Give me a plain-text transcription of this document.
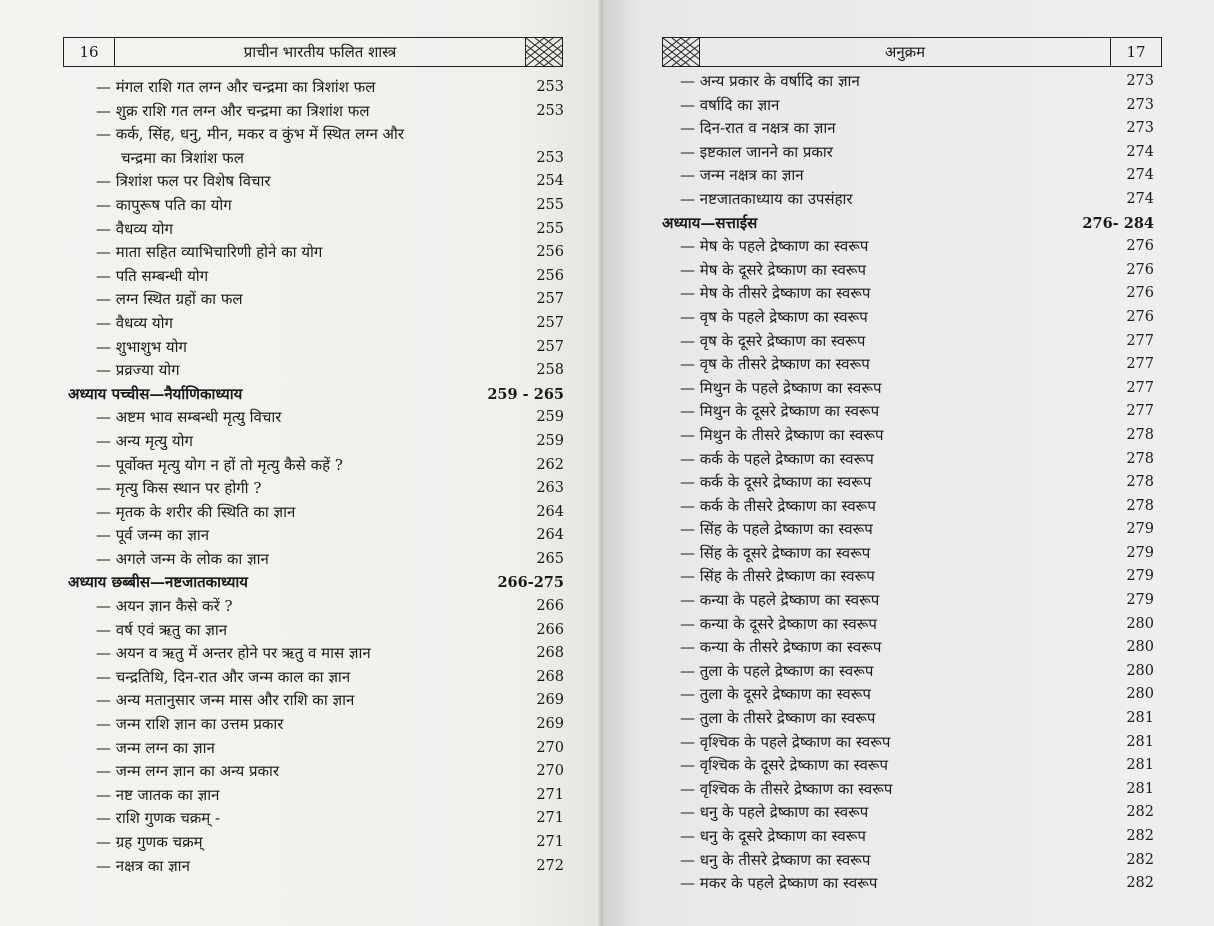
16	प्राचीन भारतीय फलित शास्त्र
— मंगल राशि गत लग्न और चन्द्रमा का त्रिशांश फल	253
— शुक्र राशि गत लग्न और चन्द्रमा का त्रिशांश फल	253
— कर्क, सिंह, धनु, मीन, मकर व कुंभ में स्थित लग्न और
चन्द्रमा का त्रिशांश फल	253
— त्रिशांश फल पर विशेष विचार	254
— कापुरूष पति का योग	255
— वैधव्य योग	255
— माता सहित व्याभिचारिणी होने का योग	256
— पति सम्बन्धी योग	256
— लग्न स्थित ग्रहों का फल	257
— वैधव्य योग	257
— शुभाशुभ योग	257
— प्रव्रज्या योग	258
अध्याय पच्चीस—नैर्याणिकाध्याय	259 - 265
— अष्टम भाव सम्बन्धी मृत्यु विचार	259
— अन्य मृत्यु योग	259
— पूर्वोक्त मृत्यु योग न हों तो मृत्यु कैसे कहें ?	262
— मृत्यु किस स्थान पर होगी ?	263
— मृतक के शरीर की स्थिति का ज्ञान	264
— पूर्व जन्म का ज्ञान	264
— अगले जन्म के लोक का ज्ञान	265
अध्याय छब्बीस—नष्टजातकाध्याय	266-275
— अयन ज्ञान कैसे करें ?	266
— वर्ष एवं ऋतु का ज्ञान	266
— अयन व ऋतु में अन्तर होने पर ऋतु व मास ज्ञान	268
— चन्द्रतिथि, दिन-रात और जन्म काल का ज्ञान	268
— अन्य मतानुसार जन्म मास और राशि का ज्ञान	269
— जन्म राशि ज्ञान का उत्तम प्रकार	269
— जन्म लग्न का ज्ञान	270
— जन्म लग्न ज्ञान का अन्य प्रकार	270
— नष्ट जातक का ज्ञान	271
— राशि गुणक चक्रम् -	271
— ग्रह गुणक चक्रम्	271
— नक्षत्र का ज्ञान	272
अनुक्रम	17
— अन्य प्रकार के वर्षादि का ज्ञान	273
— वर्षादि का ज्ञान	273
— दिन-रात व नक्षत्र का ज्ञान	273
— इष्टकाल जानने का प्रकार	274
— जन्म नक्षत्र का ज्ञान	274
— नष्टजातकाध्याय का उपसंहार	274
अध्याय—सत्ताईस	276- 284
— मेष के पहले द्रेष्काण का स्वरूप	276
— मेष के दूसरे द्रेष्काण का स्वरूप	276
— मेष के तीसरे द्रेष्काण का स्वरूप	276
— वृष के पहले द्रेष्काण का स्वरूप	276
— वृष के दूसरे द्रेष्काण का स्वरूप	277
— वृष के तीसरे द्रेष्काण का स्वरूप	277
— मिथुन के पहले द्रेष्काण का स्वरूप	277
— मिथुन के दूसरे द्रेष्काण का स्वरूप	277
— मिथुन के तीसरे द्रेष्काण का स्वरूप	278
— कर्क के पहले द्रेष्काण का स्वरूप	278
— कर्क के दूसरे द्रेष्काण का स्वरूप	278
— कर्क के तीसरे द्रेष्काण का स्वरूप	278
— सिंह के पहले द्रेष्काण का स्वरूप	279
— सिंह के दूसरे द्रेष्काण का स्वरूप	279
— सिंह के तीसरे द्रेष्काण का स्वरूप	279
— कन्या के पहले द्रेष्काण का स्वरूप	279
— कन्या के दूसरे द्रेष्काण का स्वरूप	280
— कन्या के तीसरे द्रेष्काण का स्वरूप	280
— तुला के पहले द्रेष्काण का स्वरूप	280
— तुला के दूसरे द्रेष्काण का स्वरूप	280
— तुला के तीसरे द्रेष्काण का स्वरूप	281
— वृश्चिक के पहले द्रेष्काण का स्वरूप	281
— वृश्चिक के दूसरे द्रेष्काण का स्वरूप	281
— वृश्चिक के तीसरे द्रेष्काण का स्वरूप	281
— धनु के पहले द्रेष्काण का स्वरूप	282
— धनु के दूसरे द्रेष्काण का स्वरूप	282
— धनु के तीसरे द्रेष्काण का स्वरूप	282
— मकर के पहले द्रेष्काण का स्वरूप	282
